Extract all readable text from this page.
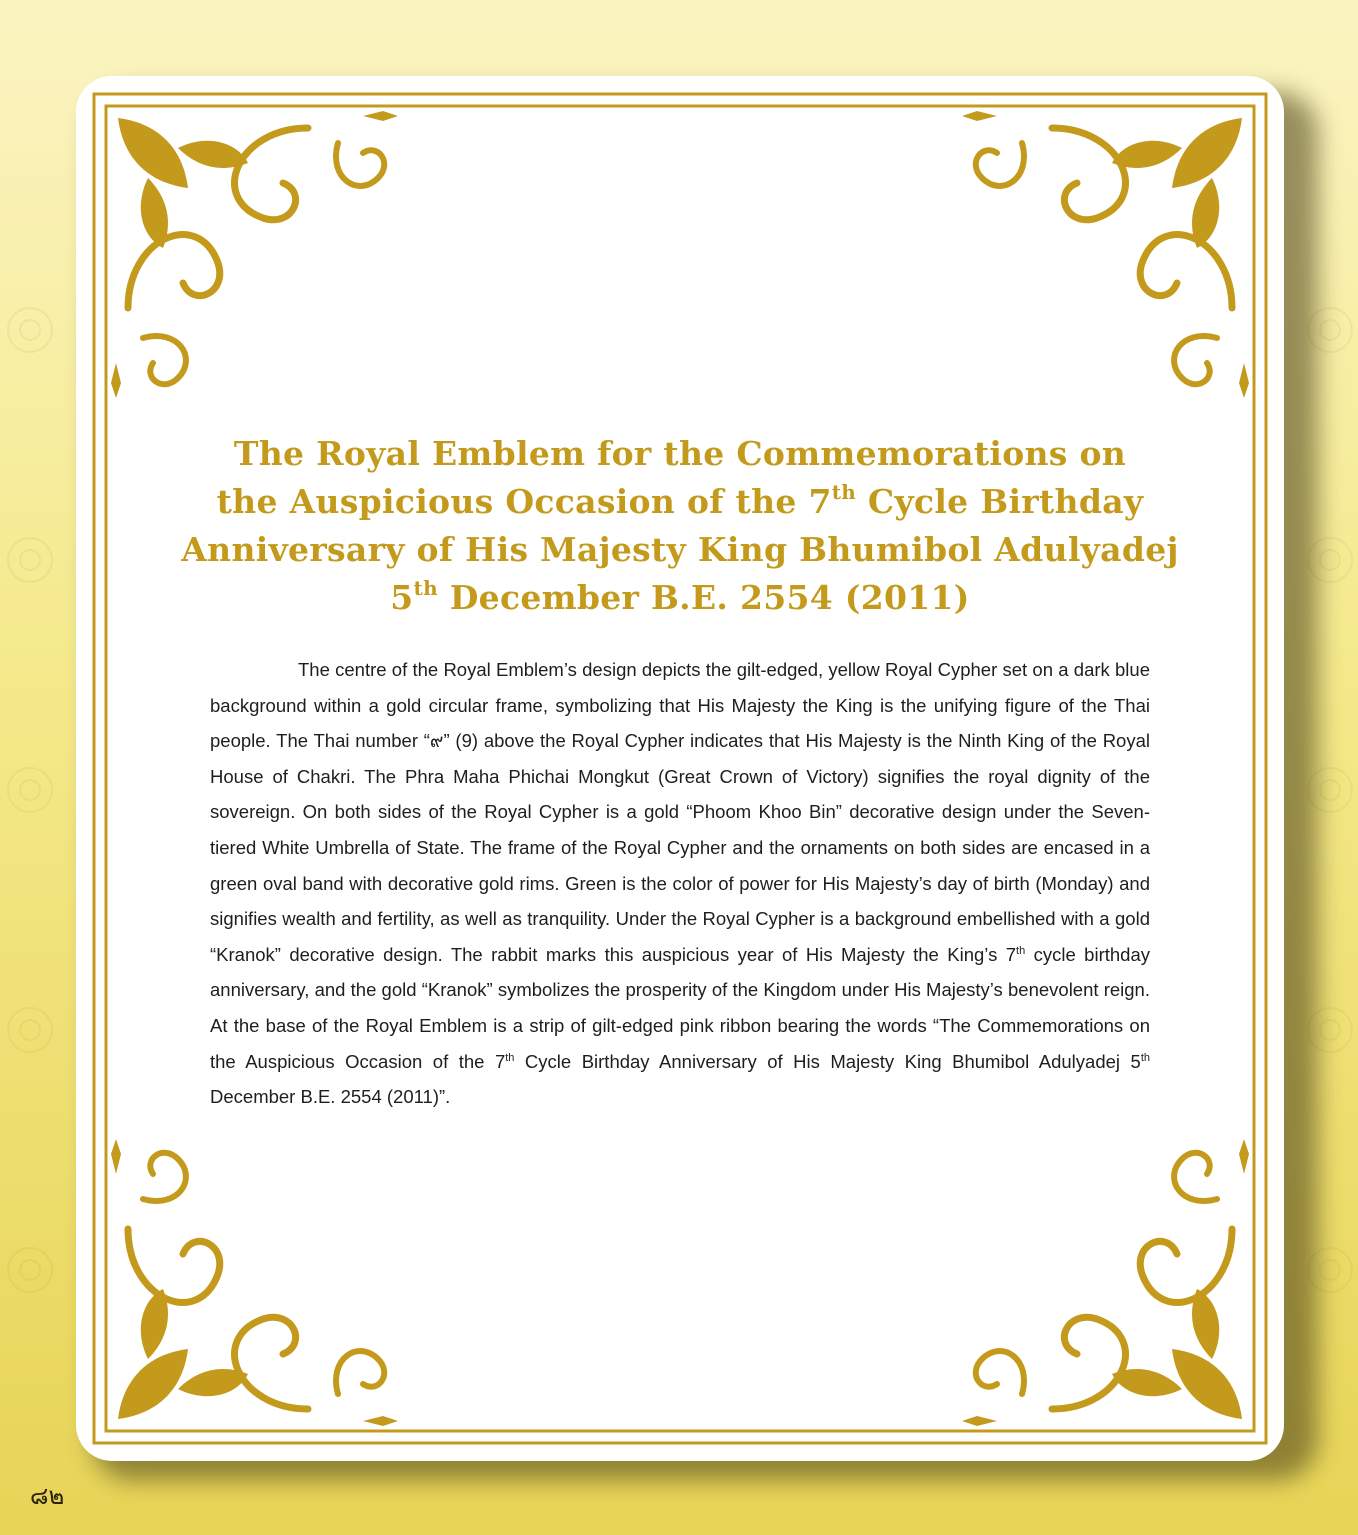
The Royal Emblem for the Commemorations on
the Auspicious Occasion of the 7th Cycle Birthday
Anniversary of His Majesty King Bhumibol Adulyadej
5th December B.E. 2554 (2011)

The centre of the Royal Emblem’s design depicts the gilt-edged, yellow Royal Cypher set on a dark blue background within a gold circular frame, symbolizing that His Majesty the King is the unifying figure of the Thai people. The Thai number “๙” (9) above the Royal Cypher indicates that His Majesty is the Ninth King of the Royal House of Chakri. The Phra Maha Phichai Mongkut (Great Crown of Victory) signifies the royal dignity of the sovereign. On both sides of the Royal Cypher is a gold “Phoom Khoo Bin” decorative design under the Seven-tiered White Umbrella of State. The frame of the Royal Cypher and the ornaments on both sides are encased in a green oval band with decorative gold rims. Green is the color of power for His Majesty’s day of birth (Monday) and signifies wealth and fertility, as well as tranquility. Under the Royal Cypher is a background embellished with a gold “Kranok” decorative design. The rabbit marks this auspicious year of His Majesty the King’s 7th cycle birthday anniversary, and the gold “Kranok” symbolizes the prosperity of the Kingdom under His Majesty’s benevolent reign. At the base of the Royal Emblem is a strip of gilt-edged pink ribbon bearing the words “The Commemorations on the Auspicious Occasion of the 7th Cycle Birthday Anniversary of His Majesty King Bhumibol Adulyadej 5th December B.E. 2554 (2011)”.

๘๒
